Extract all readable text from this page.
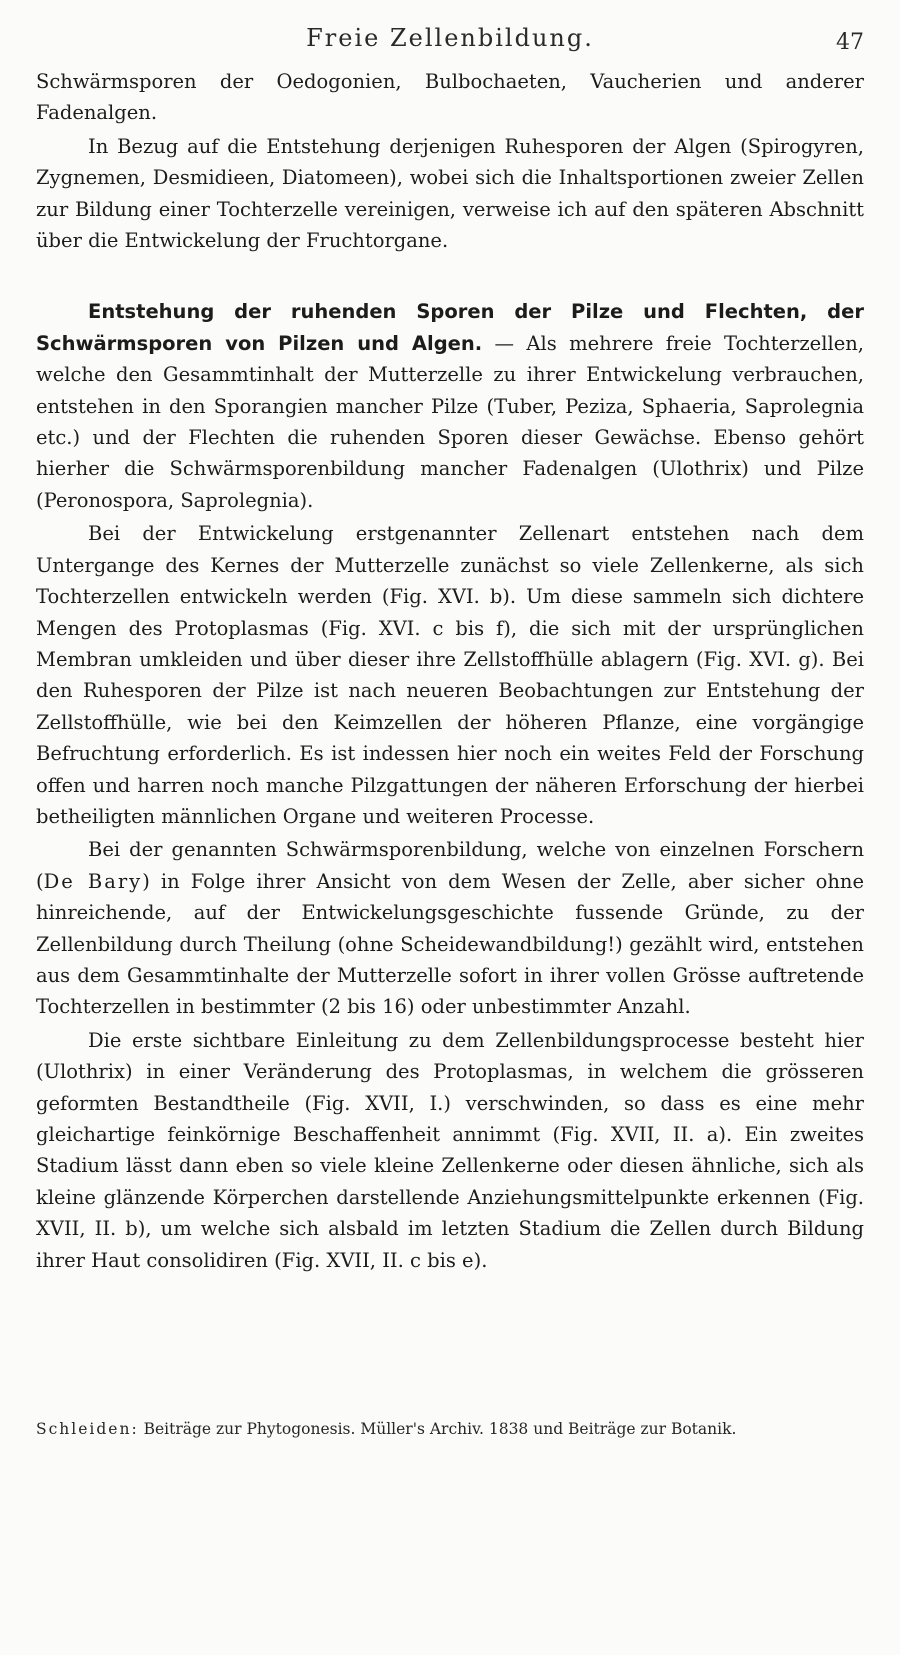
Freie Zellenbildung.	47

Schwärmsporen der Oedogonien, Bulbochaeten, Vaucherien und anderer Fadenalgen.

In Bezug auf die Entstehung derjenigen Ruhesporen der Algen (Spirogyren, Zygnemen, Desmidieen, Diatomeen), wobei sich die Inhaltsportionen zweier Zellen zur Bildung einer Tochterzelle vereinigen, verweise ich auf den späteren Abschnitt über die Entwickelung der Fruchtorgane.

Entstehung der ruhenden Sporen der Pilze und Flechten, der Schwärmsporen von Pilzen und Algen. — Als mehrere freie Tochterzellen, welche den Gesammtinhalt der Mutterzelle zu ihrer Entwickelung verbrauchen, entstehen in den Sporangien mancher Pilze (Tuber, Peziza, Sphaeria, Saprolegnia etc.) und der Flechten die ruhenden Sporen dieser Gewächse. Ebenso gehört hierher die Schwärmsporenbildung mancher Fadenalgen (Ulothrix) und Pilze (Peronospora, Saprolegnia).

Bei der Entwickelung erstgenannter Zellenart entstehen nach dem Untergange des Kernes der Mutterzelle zunächst so viele Zellenkerne, als sich Tochterzellen entwickeln werden (Fig. XVI. b). Um diese sammeln sich dichtere Mengen des Protoplasmas (Fig. XVI. c bis f), die sich mit der ursprünglichen Membran umkleiden und über dieser ihre Zellstoffhülle ablagern (Fig. XVI. g). Bei den Ruhesporen der Pilze ist nach neueren Beobachtungen zur Entstehung der Zellstoffhülle, wie bei den Keimzellen der höheren Pflanze, eine vorgängige Befruchtung erforderlich. Es ist indessen hier noch ein weites Feld der Forschung offen und harren noch manche Pilzgattungen der näheren Erforschung der hierbei betheiligten männlichen Organe und weiteren Processe.

Bei der genannten Schwärmsporenbildung, welche von einzelnen Forschern (De Bary) in Folge ihrer Ansicht von dem Wesen der Zelle, aber sicher ohne hinreichende, auf der Entwickelungsgeschichte fussende Gründe, zu der Zellenbildung durch Theilung (ohne Scheidewandbildung!) gezählt wird, entstehen aus dem Gesammtinhalte der Mutterzelle sofort in ihrer vollen Grösse auftretende Tochterzellen in bestimmter (2 bis 16) oder unbestimmter Anzahl.

Die erste sichtbare Einleitung zu dem Zellenbildungsprocesse besteht hier (Ulothrix) in einer Veränderung des Protoplasmas, in welchem die grösseren geformten Bestandtheile (Fig. XVII, I.) verschwinden, so dass es eine mehr gleichartige feinkörnige Beschaffenheit annimmt (Fig. XVII, II. a). Ein zweites Stadium lässt dann eben so viele kleine Zellenkerne oder diesen ähnliche, sich als kleine glänzende Körperchen darstellende Anziehungsmittelpunkte erkennen (Fig. XVII, II. b), um welche sich alsbald im letzten Stadium die Zellen durch Bildung ihrer Haut consolidiren (Fig. XVII, II. c bis e).

Schleiden: Beiträge zur Phytogonesis. Müller's Archiv. 1838 und Beiträge zur Botanik.
